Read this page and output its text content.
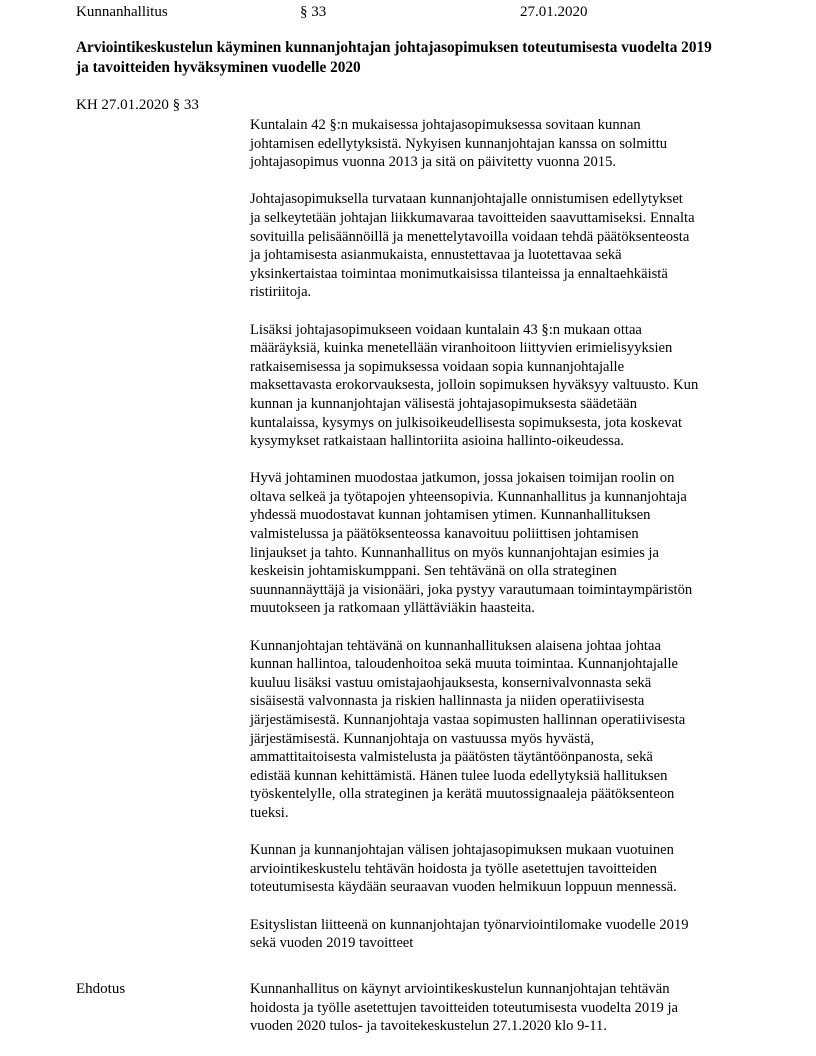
Kunnanhallitus	§ 33	27.01.2020
Arviointikeskustelun käyminen kunnanjohtajan johtajasopimuksen toteutumisesta vuodelta 2019
ja tavoitteiden hyväksyminen vuodelle 2020
KH 27.01.2020 § 33
Kuntalain 42 §:n mukaisessa johtajasopimuksessa sovitaan kunnan
johtamisen edellytyksistä. Nykyisen kunnanjohtajan kanssa on solmittu
johtajasopimus vuonna 2013 ja sitä on päivitetty vuonna 2015.
Johtajasopimuksella turvataan kunnanjohtajalle onnistumisen edellytykset
ja selkeytetään johtajan liikkumavaraa tavoitteiden saavuttamiseksi. Ennalta
sovituilla pelisäännöillä ja menettelytavoilla voidaan tehdä päätöksenteosta
ja johtamisesta asianmukaista, ennustettavaa ja luotettavaa sekä
yksinkertaistaa toimintaa monimutkaisissa tilanteissa ja ennaltaehkäistä
ristiriitoja.
Lisäksi johtajasopimukseen voidaan kuntalain 43 §:n mukaan ottaa
määräyksiä, kuinka menetellään viranhoitoon liittyvien erimielisyyksien
ratkaisemisessa ja sopimuksessa voidaan sopia kunnanjohtajalle
maksettavasta erokorvauksesta, jolloin sopimuksen hyväksyy valtuusto. Kun
kunnan ja kunnanjohtajan välisestä johtajasopimuksesta säädetään
kuntalaissa, kysymys on julkisoikeudellisesta sopimuksesta, jota koskevat
kysymykset ratkaistaan hallintoriita asioina hallinto-oikeudessa.
Hyvä johtaminen muodostaa jatkumon, jossa jokaisen toimijan roolin on
oltava selkeä ja työtapojen yhteensopivia. Kunnanhallitus ja kunnanjohtaja
yhdessä muodostavat kunnan johtamisen ytimen. Kunnanhallituksen
valmistelussa ja päätöksenteossa kanavoituu poliittisen johtamisen
linjaukset ja tahto. Kunnanhallitus on myös kunnanjohtajan esimies ja
keskeisin johtamiskumppani. Sen tehtävänä on olla strateginen
suunnannäyttäjä ja visionääri, joka pystyy varautumaan toimintaympäristön
muutokseen ja ratkomaan yllättäviäkin haasteita.
Kunnanjohtajan tehtävänä on kunnanhallituksen alaisena johtaa johtaa
kunnan hallintoa, taloudenhoitoa sekä muuta toimintaa. Kunnanjohtajalle
kuuluu lisäksi vastuu omistajaohjauksesta, konsernivalvonnasta sekä
sisäisestä valvonnasta ja riskien hallinnasta ja niiden operatiivisesta
järjestämisestä. Kunnanjohtaja vastaa sopimusten hallinnan operatiivisesta
järjestämisestä. Kunnanjohtaja on vastuussa myös hyvästä,
ammattitaitoisesta valmistelusta ja päätösten täytäntöönpanosta, sekä
edistää kunnan kehittämistä. Hänen tulee luoda edellytyksiä hallituksen
työskentelylle, olla strateginen ja kerätä muutossignaaleja päätöksenteon
tueksi.
Kunnan ja kunnanjohtajan välisen johtajasopimuksen mukaan vuotuinen
arviointikeskustelu tehtävän hoidosta ja työlle asetettujen tavoitteiden
toteutumisesta käydään seuraavan vuoden helmikuun loppuun mennessä.
Esityslistan liitteenä on kunnanjohtajan työnarviointilomake vuodelle 2019
sekä vuoden 2019 tavoitteet
Ehdotus	Kunnanhallitus on käynyt arviointikeskustelun kunnanjohtajan tehtävän
hoidosta ja työlle asetettujen tavoitteiden toteutumisesta vuodelta 2019 ja
vuoden 2020 tulos- ja tavoitekeskustelun 27.1.2020 klo 9-11.
